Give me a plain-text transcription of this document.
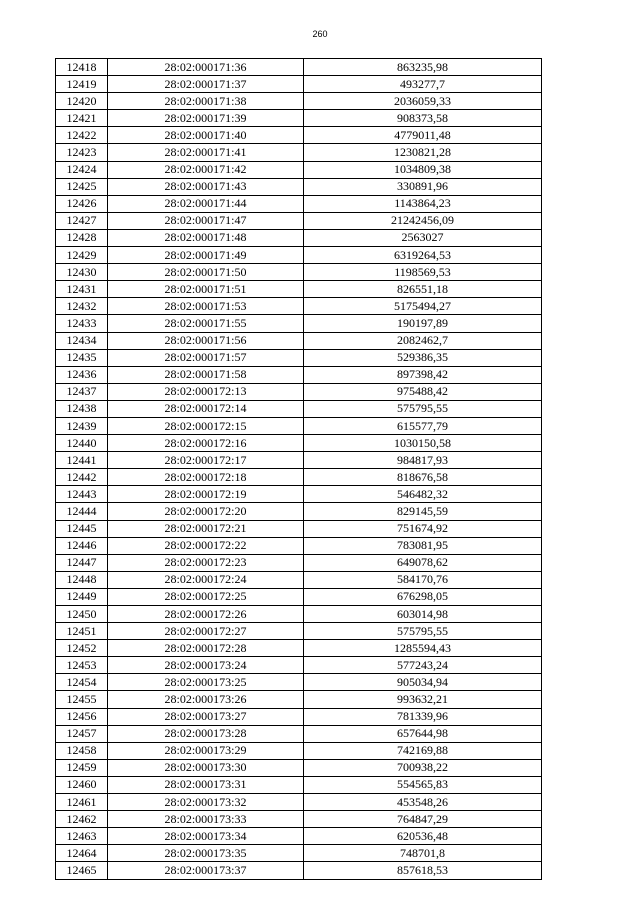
260
12418	28:02:000171:36	863235,98
12419	28:02:000171:37	493277,7
12420	28:02:000171:38	2036059,33
12421	28:02:000171:39	908373,58
12422	28:02:000171:40	4779011,48
12423	28:02:000171:41	1230821,28
12424	28:02:000171:42	1034809,38
12425	28:02:000171:43	330891,96
12426	28:02:000171:44	1143864,23
12427	28:02:000171:47	21242456,09
12428	28:02:000171:48	2563027
12429	28:02:000171:49	6319264,53
12430	28:02:000171:50	1198569,53
12431	28:02:000171:51	826551,18
12432	28:02:000171:53	5175494,27
12433	28:02:000171:55	190197,89
12434	28:02:000171:56	2082462,7
12435	28:02:000171:57	529386,35
12436	28:02:000171:58	897398,42
12437	28:02:000172:13	975488,42
12438	28:02:000172:14	575795,55
12439	28:02:000172:15	615577,79
12440	28:02:000172:16	1030150,58
12441	28:02:000172:17	984817,93
12442	28:02:000172:18	818676,58
12443	28:02:000172:19	546482,32
12444	28:02:000172:20	829145,59
12445	28:02:000172:21	751674,92
12446	28:02:000172:22	783081,95
12447	28:02:000172:23	649078,62
12448	28:02:000172:24	584170,76
12449	28:02:000172:25	676298,05
12450	28:02:000172:26	603014,98
12451	28:02:000172:27	575795,55
12452	28:02:000172:28	1285594,43
12453	28:02:000173:24	577243,24
12454	28:02:000173:25	905034,94
12455	28:02:000173:26	993632,21
12456	28:02:000173:27	781339,96
12457	28:02:000173:28	657644,98
12458	28:02:000173:29	742169,88
12459	28:02:000173:30	700938,22
12460	28:02:000173:31	554565,83
12461	28:02:000173:32	453548,26
12462	28:02:000173:33	764847,29
12463	28:02:000173:34	620536,48
12464	28:02:000173:35	748701,8
12465	28:02:000173:37	857618,53
